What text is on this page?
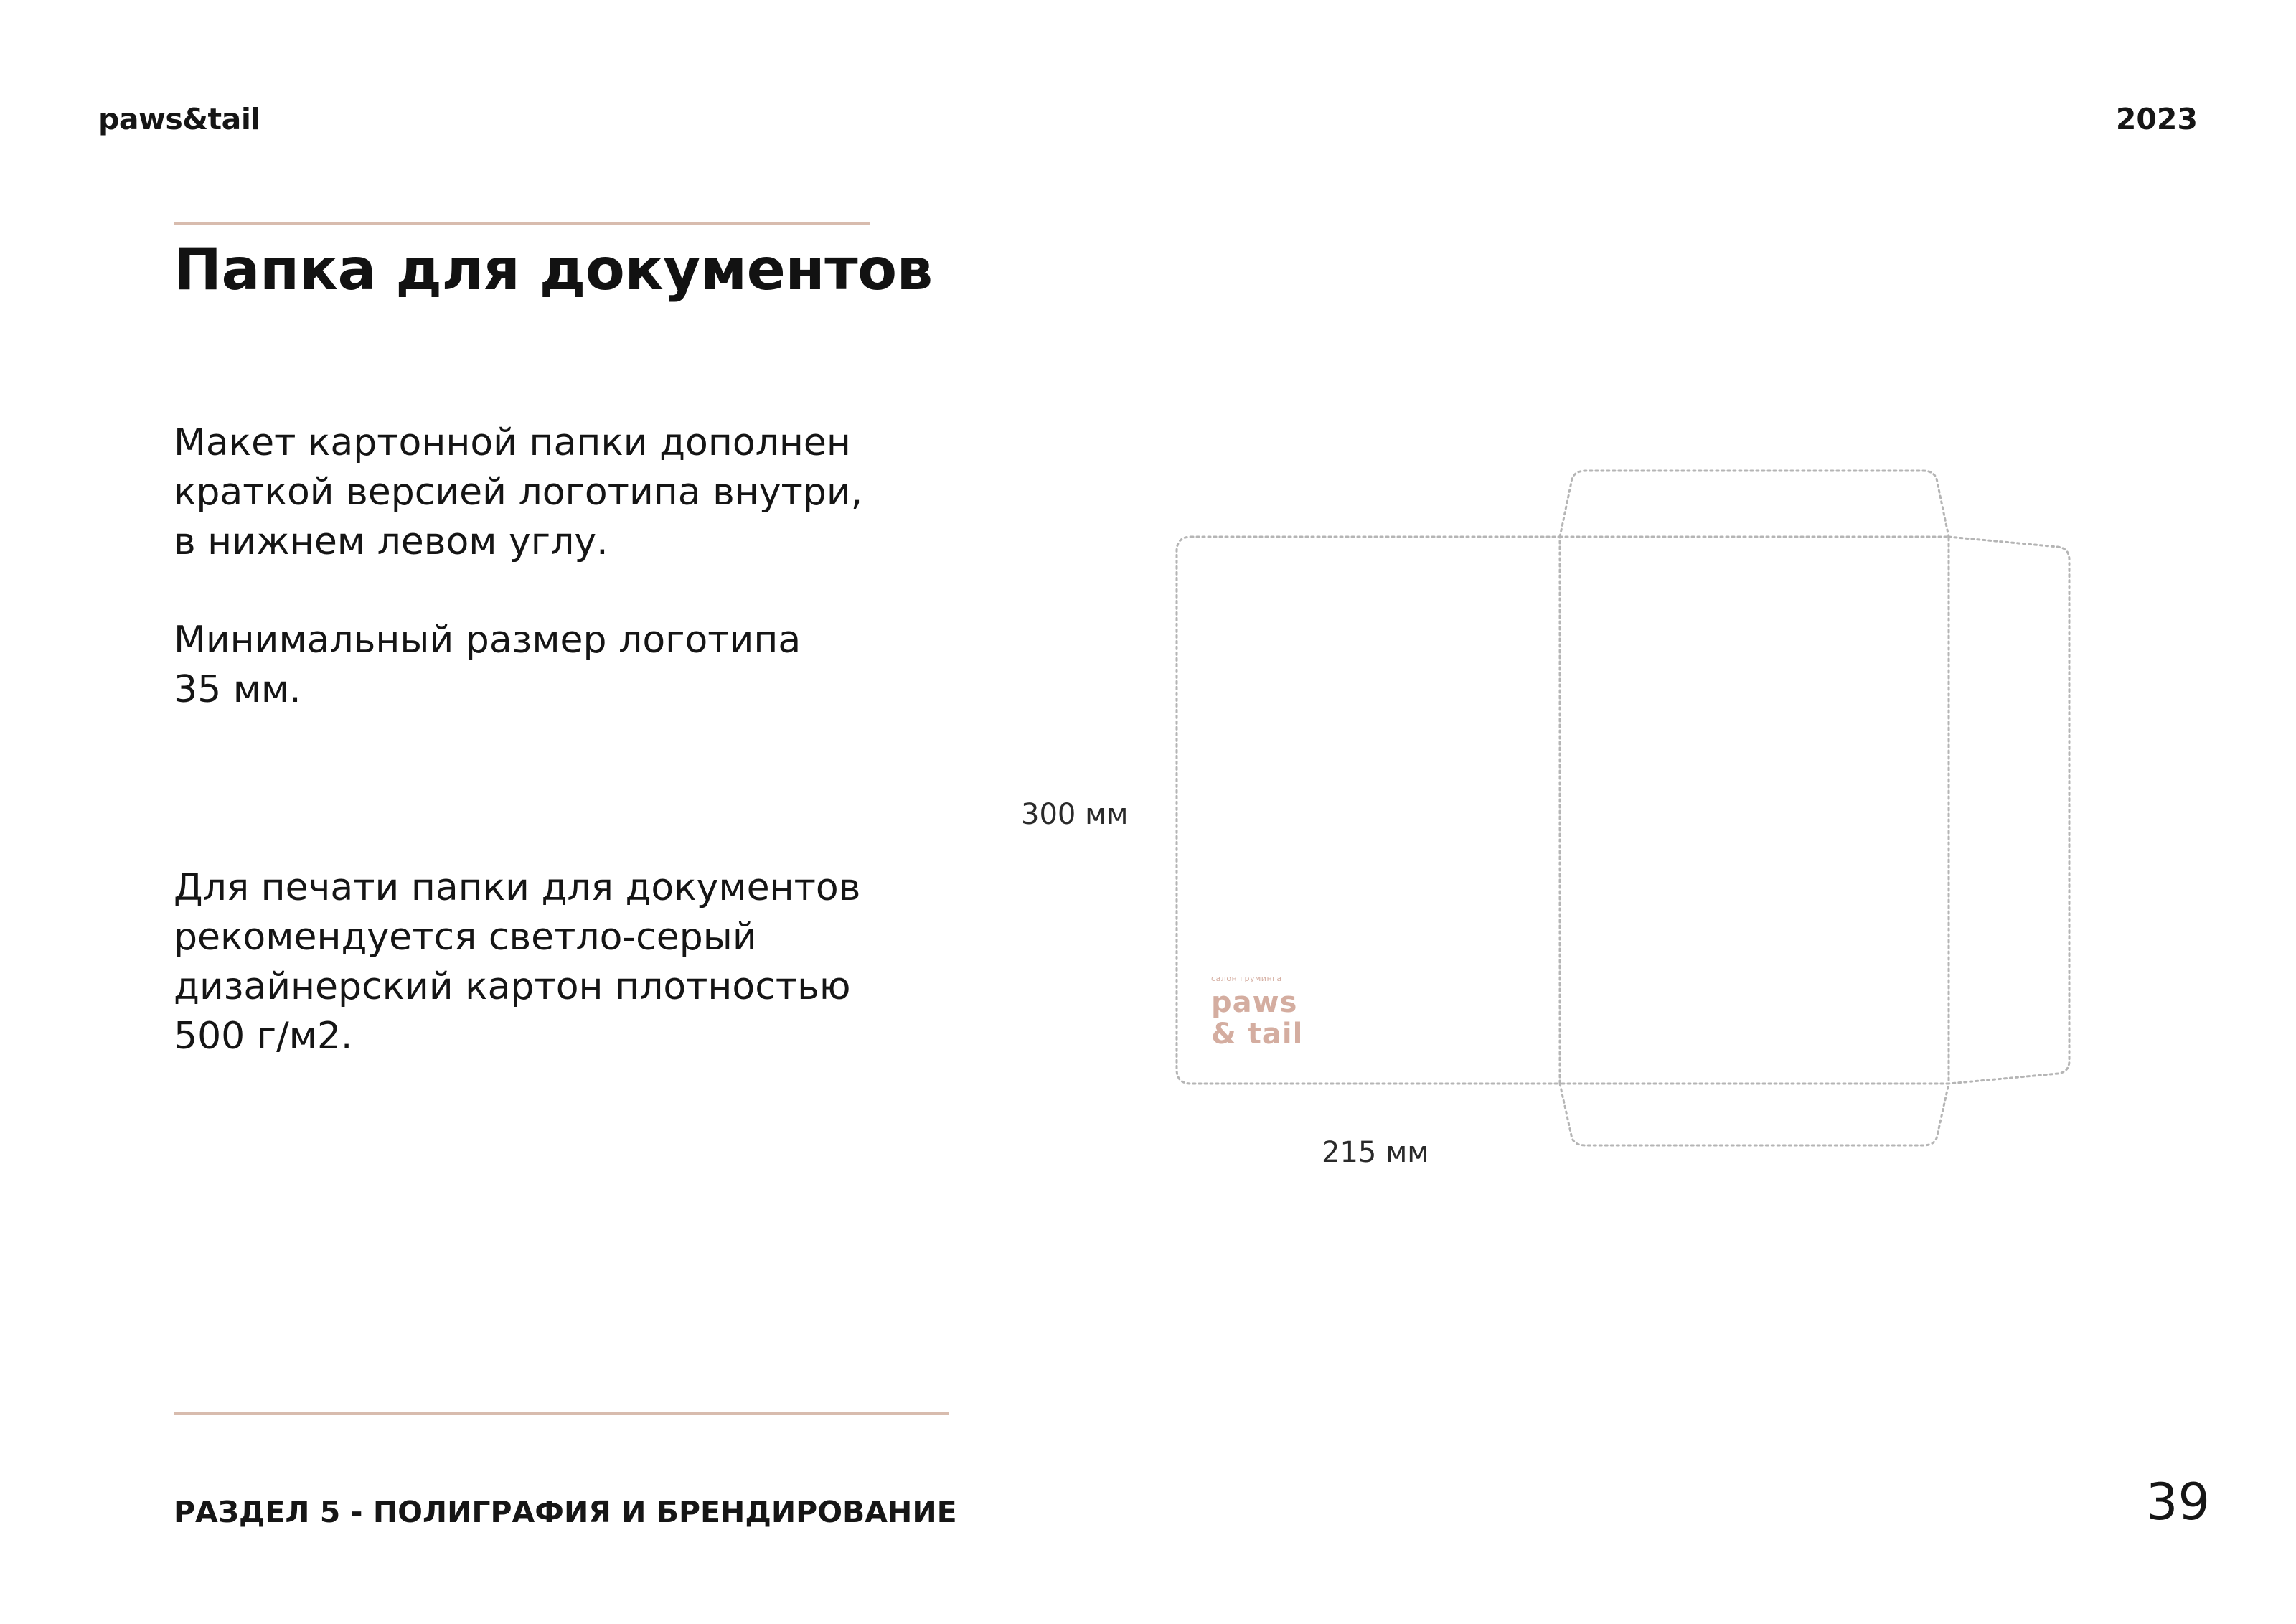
paws&tail	2023
Папка для документов
Макет картонной папки дополнен
краткой версией логотипа внутри,
в нижнем левом углу.
Минимальный размер логотипа
35 мм.
Для печати папки для документов
рекомендуется светло-серый
дизайнерский картон плотностью
500 г/м2.
300 мм
215 мм
салон груминга
paws
& tail
РАЗДЕЛ 5 - ПОЛИГРАФИЯ И БРЕНДИРОВАНИЕ	39
